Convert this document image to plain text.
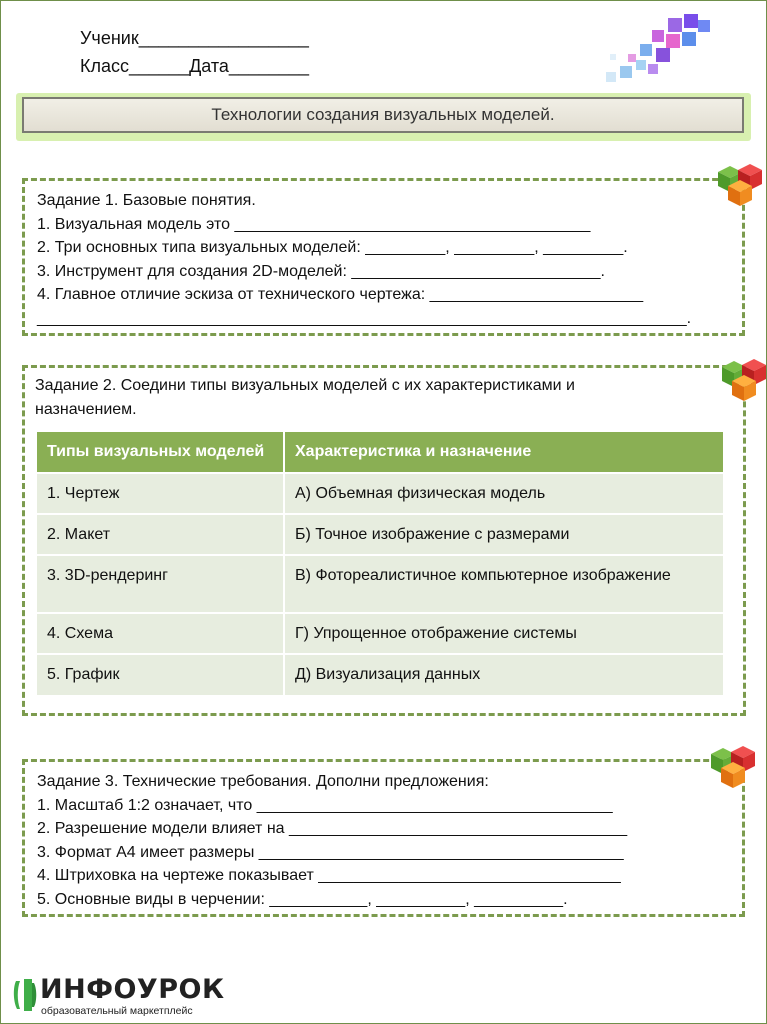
Ученик_________________
Класс______Дата________
Технологии создания визуальных моделей.
Задание 1. Базовые понятия.
1. Визуальная модель это ________________________________________
2. Три основных типа визуальных моделей: _________, _________, _________.
3. Инструмент для создания 2D-моделей: ____________________________.
4. Главное отличие эскиза от технического чертежа: ________________________
_________________________________________________________________________.
Задание 2. Соедини типы визуальных моделей с их характеристиками и
назначением.
Типы визуальных моделей	Характеристика и назначение
1. Чертеж	А) Объемная физическая модель
2. Макет	Б) Точное изображение с размерами
3. 3D-рендеринг	В) Фотореалистичное компьютерное изображение
4. Схема	Г) Упрощенное отображение системы
5. График	Д) Визуализация данных
Задание 3. Технические требования. Дополни предложения:
1. Масштаб 1:2 означает, что ________________________________________
2. Разрешение модели влияет на ______________________________________
3. Формат А4 имеет размеры _________________________________________
4. Штриховка на чертеже показывает __________________________________
5. Основные виды в черчении: ___________, __________, __________.
ИНФОУРОК
образовательный маркетплейс
